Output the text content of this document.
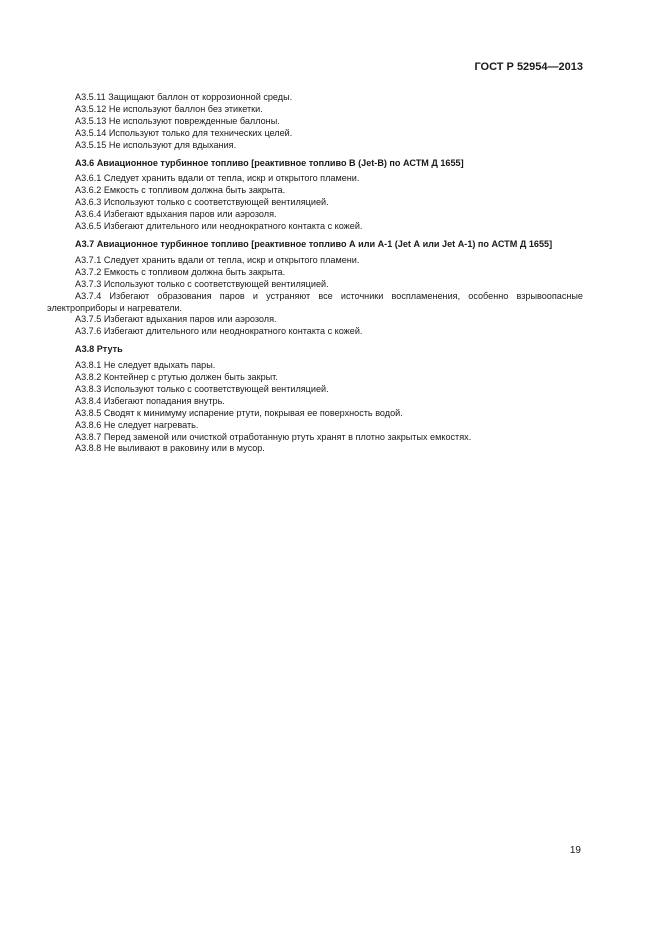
ГОСТ Р 52954—2013

А3.5.11 Защищают баллон от коррозионной среды.

А3.5.12 Не используют баллон без этикетки.

А3.5.13 Не используют поврежденные баллоны.

А3.5.14 Используют только для технических целей.

А3.5.15 Не используют для вдыхания.

А3.6 Авиационное турбинное топливо [реактивное топливо В (Jet-B) по АСТМ Д 1655]

А3.6.1 Следует хранить вдали от тепла, искр и открытого пламени.

А3.6.2 Емкость с топливом должна быть закрыта.

А3.6.3 Используют только с соответствующей вентиляцией.

А3.6.4 Избегают вдыхания паров или аэрозоля.

А3.6.5 Избегают длительного или неоднократного контакта с кожей.

А3.7 Авиационное турбинное топливо [реактивное топливо А или А-1 (Jet А или Jet А-1) по АСТМ Д 1655]

А3.7.1 Следует хранить вдали от тепла, искр и открытого пламени.

А3.7.2 Емкость с топливом должна быть закрыта.

А3.7.3 Используют только с соответствующей вентиляцией.

А3.7.4 Избегают образования паров и устраняют все источники воспламенения, особенно взрывоопасные электроприборы и нагреватели.

А3.7.5 Избегают вдыхания паров или аэрозоля.

А3.7.6 Избегают длительного или неоднократного контакта с кожей.

А3.8 Ртуть

А3.8.1 Не следует вдыхать пары.

А3.8.2 Контейнер с ртутью должен быть закрыт.

А3.8.3 Используют только с соответствующей вентиляцией.

А3.8.4 Избегают попадания внутрь.

А3.8.5 Сводят к минимуму испарение ртути, покрывая ее поверхность водой.

А3.8.6 Не следует нагревать.

А3.8.7 Перед заменой или очисткой отработанную ртуть хранят в плотно закрытых емкостях.

А3.8.8 Не выливают в раковину или в мусор.

19
